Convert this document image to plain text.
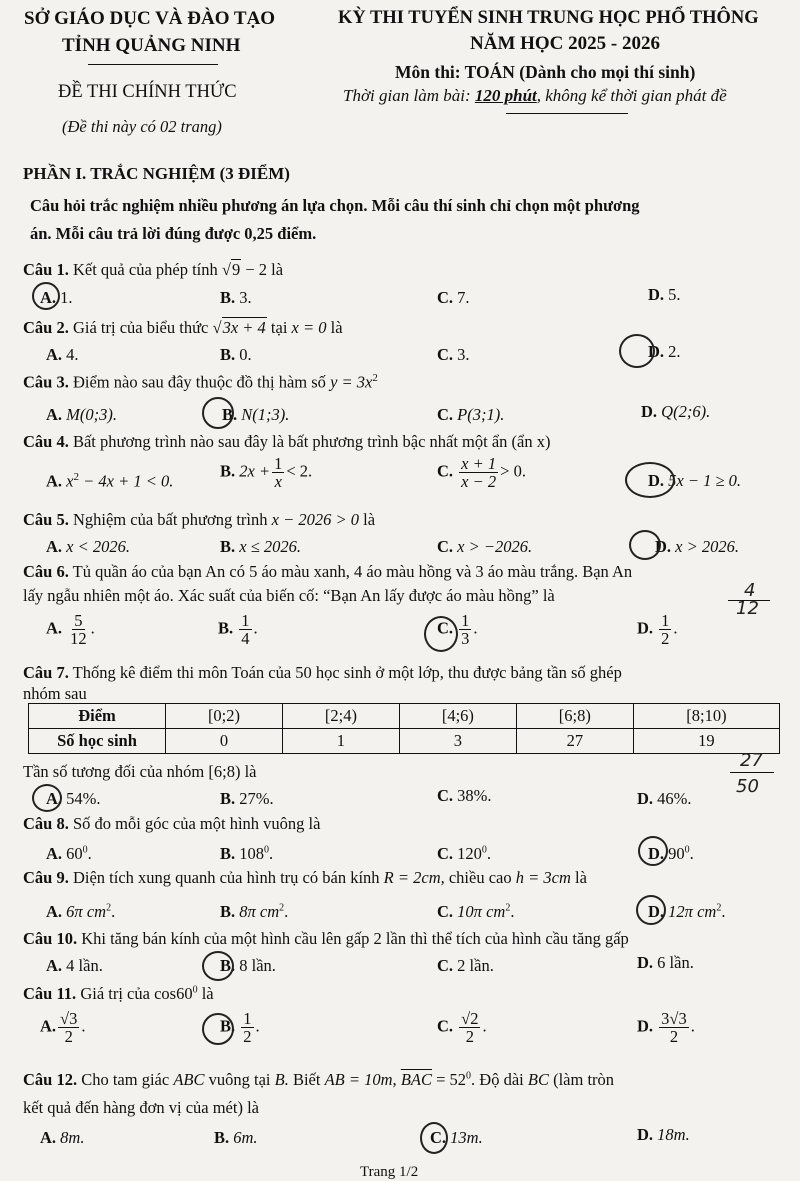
SỞ GIÁO DỤC VÀ ĐÀO TẠO
TỈNH QUẢNG NINH
ĐỀ THI CHÍNH THỨC
(Đề thi này có 02 trang)
KỲ THI TUYỂN SINH TRUNG HỌC PHỔ THÔNG
NĂM HỌC 2025 - 2026
Môn thi: TOÁN (Dành cho mọi thí sinh)
Thời gian làm bài: 120 phút, không kể thời gian phát đề
PHẦN I. TRẮC NGHIỆM (3 ĐIỂM)
Câu hỏi trắc nghiệm nhiều phương án lựa chọn. Mỗi câu thí sinh chỉ chọn một phương
án. Mỗi câu trả lời đúng được 0,25 điểm.
Câu 1. Kết quả của phép tính √9 − 2 là
A. 1.	B. 3.	C. 7.	D. 5.
Câu 2. Giá trị của biểu thức √3x + 4 tại x = 0 là
A. 4.	B. 0.	C. 3.	D. 2.
Câu 3. Điểm nào sau đây thuộc đồ thị hàm số $y = 3x^2$
A. M(0;3).	B. N(1;3).	C. P(3;1).	D. Q(2;6).
Câu 4. Bất phương trình nào sau đây là bất phương trình bậc nhất một ẩn (ẩn x)
A. $x^2 - 4x + 1 < 0$.
B. $2x + \frac{1}{x} < 2$.	C. $\frac{x + 1}{x - 2} > 0$.	D. 5x − 1 ≥ 0.
Câu 5. Nghiệm của bất phương trình x − 2026 > 0 là
A. x < 2026.	B. x ≤ 2026.	C. x > −2026.	D. x > 2026.
Câu 6. Tủ quần áo của bạn An có 5 áo màu xanh, 4 áo màu hồng và 3 áo màu trắng. Bạn An
lấy ngẫu nhiên một áo. Xác suất của biến cố: “Bạn An lấy được áo màu hồng” là
A. $\frac{5}{12}$ .	B. $\frac{1}{4}$ .	C. $\frac{1}{3}$ .	D. $\frac{1}{2}$ .
4
12
Câu 7. Thống kê điểm thi môn Toán của 50 học sinh ở một lớp, thu được bảng tần số ghép
nhóm sau
Điểm	[0;2)	[2;4)	[4;6)	[6;8)	[8;10)
Số học sinh	0	1	3	27	19
Tần số tương đối của nhóm [6;8) là
A. 54%.	B. 27%.	C. 38%.	D. 46%.
27
50
Câu 8. Số đo mỗi góc của một hình vuông là
A. $60^0$.	B. $108^0$.	C. $120^0$.	D. $90^0$.
Câu 9. Diện tích xung quanh của hình trụ có bán kính R = 2cm, chiều cao h = 3cm là
A. 6π $cm^2$.	B. 8π $cm^2$.	C. 10π $cm^2$.	D. 12π $cm^2$.
Câu 10. Khi tăng bán kính của một hình cầu lên gấp 2 lần thì thể tích của hình cầu tăng gấp
A. 4 lần.	B. 8 lần.	C. 2 lần.	D. 6 lần.
Câu 11. Giá trị của $\cos 60^0$ là
A. $\frac{√3}{2}$ .	B. $\frac{1}{2}$ .	C. $\frac{√2}{2}$ .	D. $\frac{3√3}{2}$ .
Câu 12. Cho tam giác ABC vuông tại B. Biết AB = 10m, $\overline{BAC} = 52^0$. Độ dài BC (làm tròn
kết quả đến hàng đơn vị của mét) là
A. 8m.	B. 6m.	C. 13m.	D. 18m.
Trang 1/2
